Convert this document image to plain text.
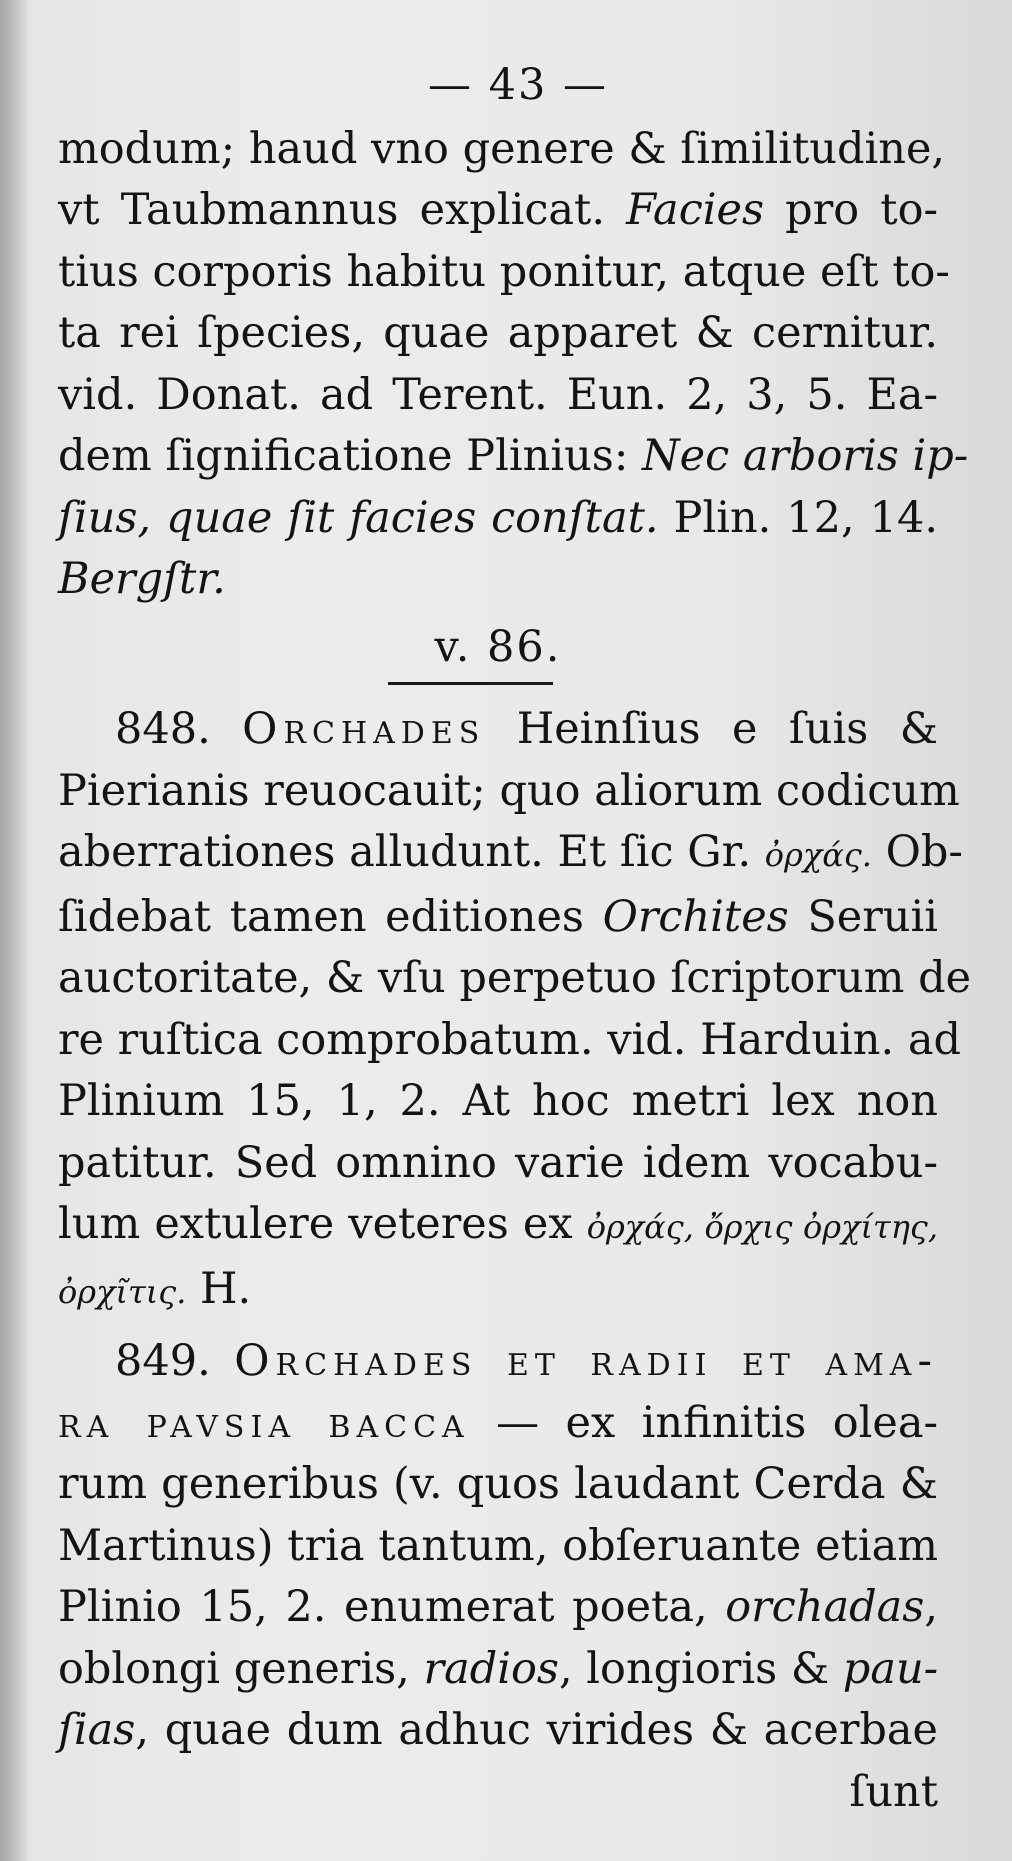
— 43 —
modum; haud vno genere & ſimilitudine,
vt Taubmannus explicat. Facies pro to-
tius corporis habitu ponitur, atque eſt to-
ta rei ſpecies, quae apparet & cernitur.
vid. Donat. ad Terent. Eun. 2, 3, 5. Ea-
dem ſignificatione Plinius: Nec arboris ip-
ſius, quae ſit facies conſtat. Plin. 12, 14.
Bergſtr.
v. 86.
848. Orchades Heinſius e ſuis &
Pierianis reuocauit; quo aliorum codicum
aberrationes alludunt. Et ſic Gr. ὀρχάς. Ob-
ſidebat tamen editiones Orchites Seruii
auctoritate, & vſu perpetuo ſcriptorum de
re ruſtica comprobatum. vid. Harduin. ad
Plinium 15, 1, 2. At hoc metri lex non
patitur. Sed omnino varie idem vocabu-
lum extulere veteres ex ὀρχάς, ὄρχις ὀρχίτης,
ὀρχῖτις. H.
849. Orchades et radii et ama-
ra pavsia bacca — ex infinitis olea-
rum generibus (v. quos laudant Cerda &
Martinus) tria tantum, obſeruante etiam
Plinio 15, 2. enumerat poeta, orchadas,
oblongi generis, radios, longioris & pau-
ſias, quae dum adhuc virides & acerbae
ſunt
